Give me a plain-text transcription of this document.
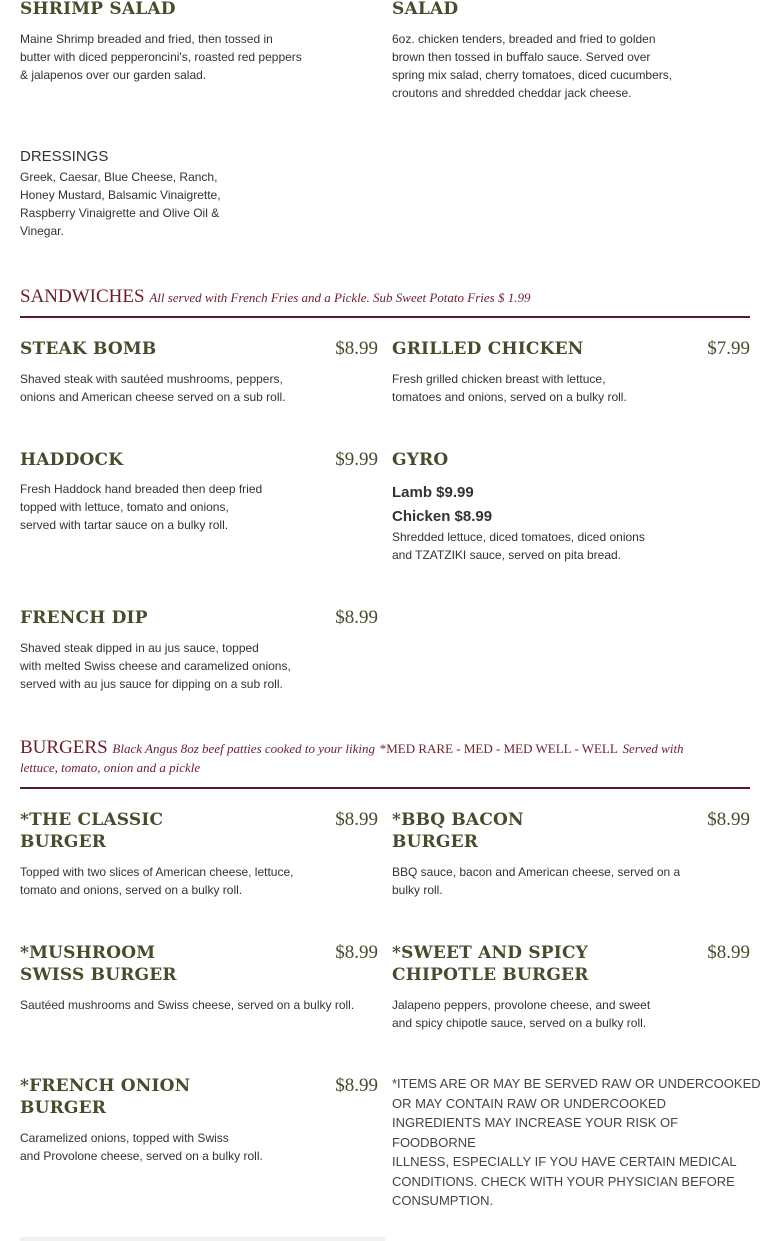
SHRIMP SALAD
Maine Shrimp breaded and fried, then tossed in
butter with diced pepperoncini's, roasted red peppers
& jalapenos over our garden salad.
SALAD
6oz. chicken tenders, breaded and fried to golden
brown then tossed in buﬀalo sauce. Served over
spring mix salad, cherry tomatoes, diced cucumbers,
croutons and shredded cheddar jack cheese.
DRESSINGS
Greek, Caesar, Blue Cheese, Ranch,
Honey Mustard, Balsamic Vinaigrette,
Raspberry Vinaigrette and Olive Oil &
Vinegar.
SANDWICHES All served with French Fries and a Pickle. Sub Sweet Potato Fries $ 1.99
STEAK BOMB	$8.99
Shaved steak with sautéed mushrooms, peppers,
onions and American cheese served on a sub roll.
GRILLED CHICKEN	$7.99
Fresh grilled chicken breast with lettuce,
tomatoes and onions, served on a bulky roll.
HADDOCK	$9.99
Fresh Haddock hand breaded then deep fried
topped with lettuce, tomato and onions,
served with tartar sauce on a bulky roll.
GYRO
Lamb $9.99
Chicken $8.99
Shredded lettuce, diced tomatoes, diced onions
and TZATZIKI sauce, served on pita bread.
FRENCH DIP	$8.99
Shaved steak dipped in au jus sauce, topped
with melted Swiss cheese and caramelized onions,
served with au jus sauce for dipping on a sub roll.
BURGERS Black Angus 8oz beef patties cooked to your liking *MED RARE - MED - MED WELL - WELL Served with
lettuce, tomato, onion and a pickle
*THE CLASSIC
BURGER
$8.99
Topped with two slices of American cheese, lettuce,
tomato and onions, served on a bulky roll.
*BBQ BACON
BURGER
$8.99
BBQ sauce, bacon and American cheese, served on a
bulky roll.
*MUSHROOM
SWISS BURGER
$8.99
Sautéed mushrooms and Swiss cheese, served on a bulky roll.
*SWEET AND SPICY
CHIPOTLE BURGER
$8.99
Jalapeno peppers, provolone cheese, and sweet
and spicy chipotle sauce, served on a bulky roll.
*FRENCH ONION
BURGER
$8.99
Caramelized onions, topped with Swiss
and Provolone cheese, served on a bulky roll.
*ITEMS ARE OR MAY BE SERVED RAW OR UNDERCOOKED
OR MAY CONTAIN RAW OR UNDERCOOKED
INGREDIENTS MAY INCREASE YOUR RISK OF FOODBORNE
ILLNESS, ESPECIALLY IF YOU HAVE CERTAIN MEDICAL
CONDITIONS. CHECK WITH YOUR PHYSICIAN BEFORE
CONSUMPTION.
